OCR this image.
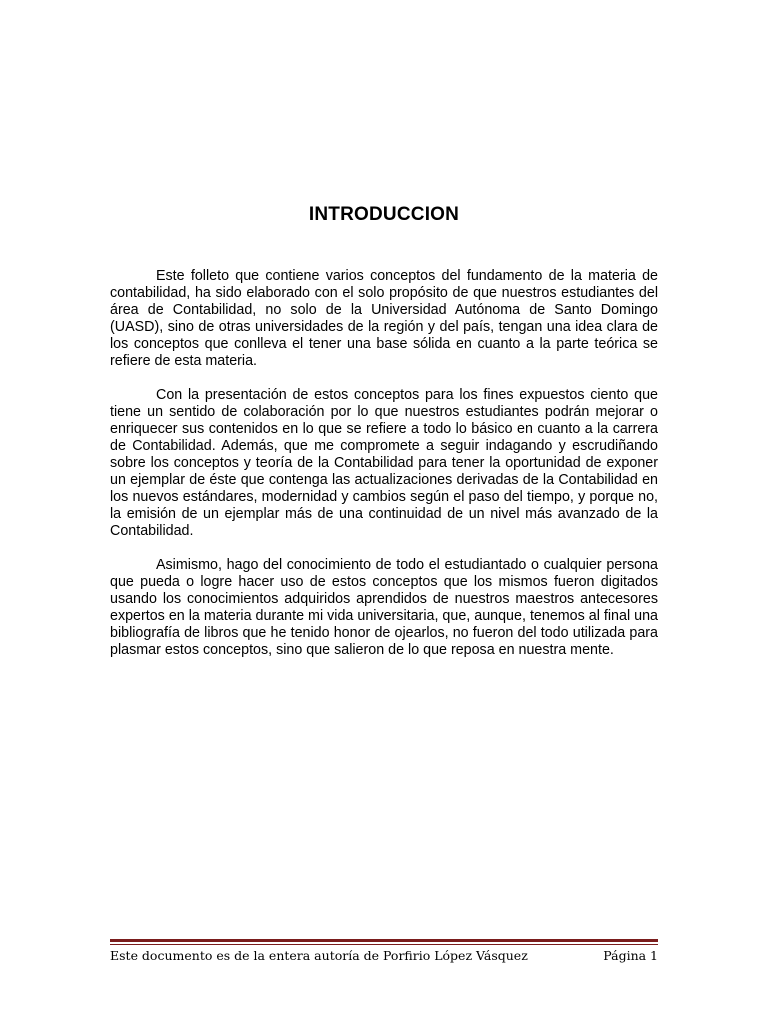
INTRODUCCION

Este folleto que contiene varios conceptos del fundamento de la materia de contabilidad, ha sido elaborado con el solo propósito de que nuestros estudiantes del área de Contabilidad, no solo de la Universidad Autónoma de Santo Domingo (UASD), sino de otras universidades de la región y del país, tengan una idea clara de los conceptos que conlleva el tener una base sólida en cuanto a la parte teórica se refiere de esta materia.

Con la presentación de estos conceptos para los fines expuestos ciento que tiene un sentido de colaboración por lo que nuestros estudiantes podrán mejorar o enriquecer sus contenidos en lo que se refiere a todo lo básico en cuanto a la carrera de Contabilidad. Además, que me compromete a seguir indagando y escrudiñando sobre los conceptos y teoría de la Contabilidad para tener la oportunidad de exponer un ejemplar de éste que contenga las actualizaciones derivadas de la Contabilidad en los nuevos estándares, modernidad y cambios según el paso del tiempo, y porque no, la emisión de un ejemplar más de una continuidad de un nivel más avanzado de la Contabilidad.

Asimismo, hago del conocimiento de todo el estudiantado o cualquier persona que pueda o logre hacer uso de estos conceptos que los mismos fueron digitados usando los conocimientos adquiridos aprendidos de nuestros maestros antecesores expertos en la materia durante mi vida universitaria, que, aunque, tenemos al final una bibliografía de libros que he tenido honor de ojearlos, no fueron del todo utilizada para plasmar estos conceptos, sino que salieron de lo que reposa en nuestra mente.

Este documento es de la entera autoría de Porfirio López Vásquez	Página 1
